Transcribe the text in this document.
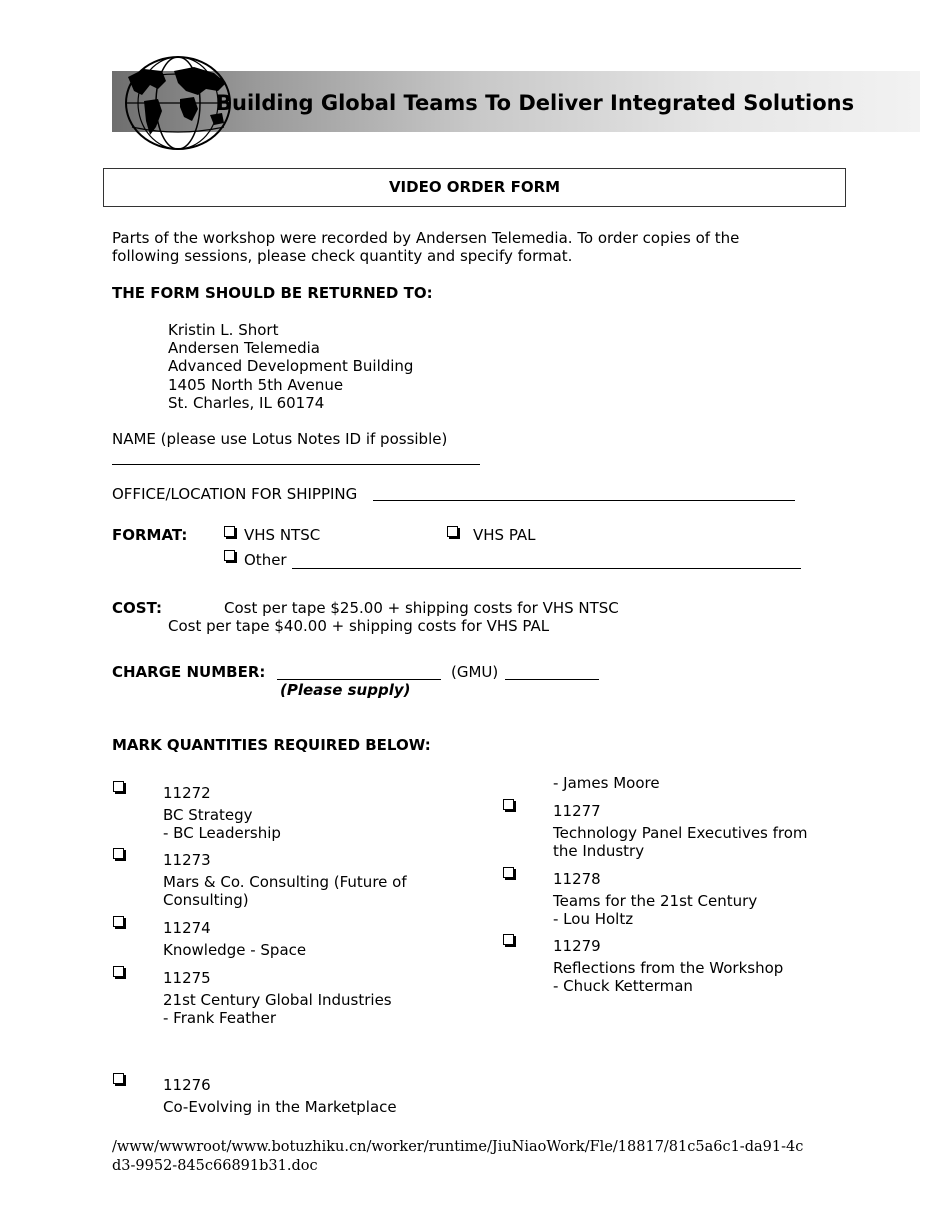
Building Global Teams To Deliver Integrated Solutions
VIDEO ORDER FORM
Parts of the workshop were recorded by Andersen Telemedia. To order copies of the
following sessions, please check quantity and specify format.
THE FORM SHOULD BE RETURNED TO:
Kristin L. Short
Andersen Telemedia
Advanced Development Building
1405 North 5th Avenue
St. Charles, IL 60174
NAME (please use Lotus Notes ID if possible)
OFFICE/LOCATION FOR SHIPPING
FORMAT:	VHS NTSC	VHS PAL
Other
COST:	Cost per tape $25.00 + shipping costs for VHS NTSC
Cost per tape $40.00 + shipping costs for VHS PAL
CHARGE NUMBER:	(GMU)
(Please supply)
MARK QUANTITIES REQUIRED BELOW:
11272
BC Strategy
- BC Leadership
11273
Mars & Co. Consulting (Future of
Consulting)
11274
Knowledge - Space
11275
21st Century Global Industries
- Frank Feather
11276
Co-Evolving in the Marketplace
- James Moore
11277
Technology Panel Executives from
the Industry
11278
Teams for the 21st Century
- Lou Holtz
11279
Reflections from the Workshop
- Chuck Ketterman
/www/wwwroot/www.botuzhiku.cn/worker/runtime/JiuNiaoWork/Fle/18817/81c5a6c1-da91-4cd3-9952-845c66891b31.doc
